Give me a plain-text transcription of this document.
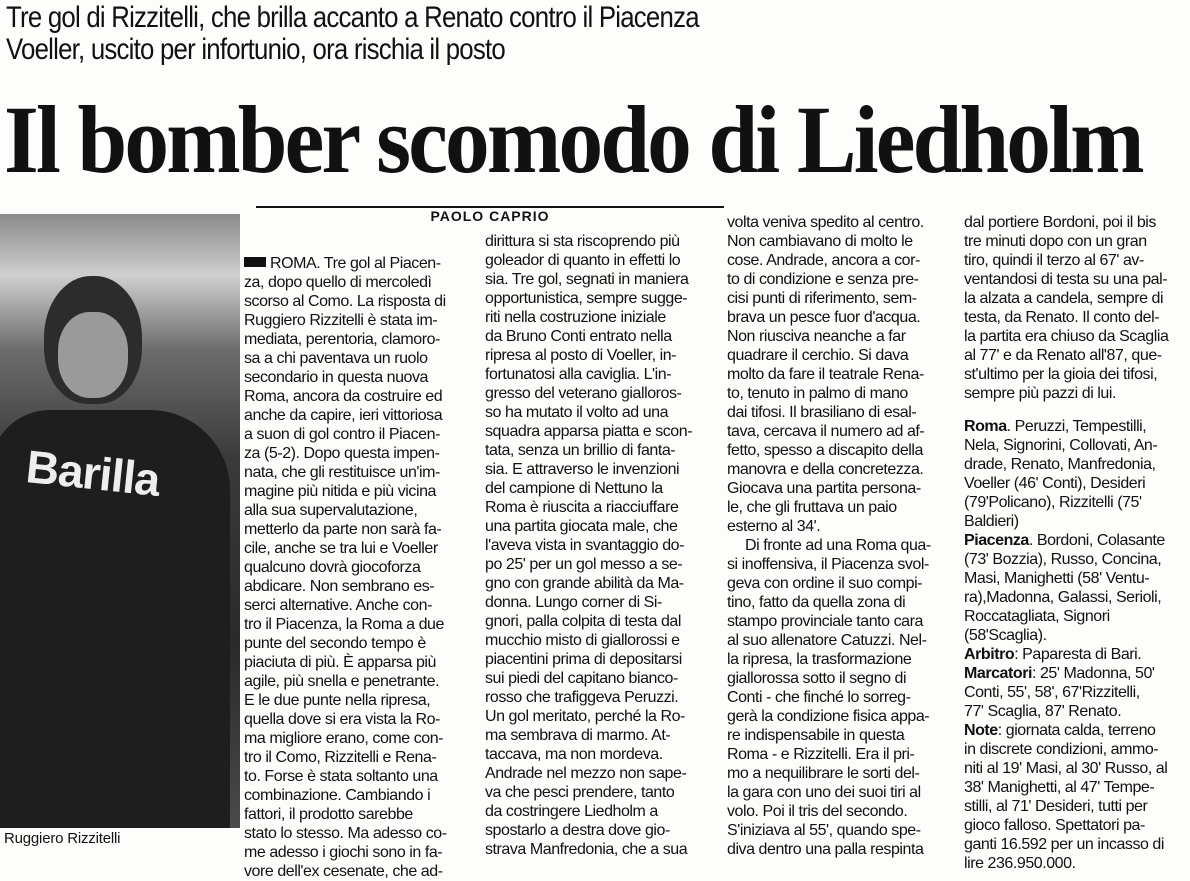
Tre gol di Rizzitelli, che brilla accanto a Renato contro il Piacenza
Voeller, uscito per infortunio, ora rischia il posto
Il bomber scomodo di Liedholm
PAOLO CAPRIO
Barilla
Ruggiero Rizzitelli

ROMA. Tre gol al Piacen-

za, dopo quello di mercoledì

scorso al Como. La risposta di

Ruggiero Rizzitelli è stata im-

mediata, perentoria, clamoro-

sa a chi paventava un ruolo

secondario in questa nuova

Roma, ancora da costruire ed

anche da capire, ieri vittoriosa

a suon di gol contro il Piacen-

za (5-2). Dopo questa impen-

nata, che gli restituisce un'im-

magine più nitida e più vicina

alla sua supervalutazione,

metterlo da parte non sarà fa-

cile, anche se tra lui e Voeller

qualcuno dovrà giocoforza

abdicare. Non sembrano es-

serci alternative. Anche con-

tro il Piacenza, la Roma a due

punte del secondo tempo è

piaciuta di più. È apparsa più

agile, più snella e penetrante.

E le due punte nella ripresa,

quella dove si era vista la Ro-

ma migliore erano, come con-

tro il Como, Rizzitelli e Rena-

to. Forse è stata soltanto una

combinazione. Cambiando i

fattori, il prodotto sarebbe

stato lo stesso. Ma adesso co-

me adesso i giochi sono in fa-

vore dell'ex cesenate, che ad-

dirittura si sta riscoprendo più

goleador di quanto in effetti lo

sia. Tre gol, segnati in maniera

opportunistica, sempre sugge-

riti nella costruzione iniziale

da Bruno Conti entrato nella

ripresa al posto di Voeller, in-

fortunatosi alla caviglia. L'in-

gresso del veterano gialloros-

so ha mutato il volto ad una

squadra apparsa piatta e scon-

tata, senza un brillio di fanta-

sia. E attraverso le invenzioni

del campione di Nettuno la

Roma è riuscita a riacciuffare

una partita giocata male, che

l'aveva vista in svantaggio do-

po 25' per un gol messo a se-

gno con grande abilità da Ma-

donna. Lungo corner di Si-

gnori, palla colpita di testa dal

mucchio misto di giallorossi e

piacentini prima di depositarsi

sui piedi del capitano bianco-

rosso che trafiggeva Peruzzi.

Un gol meritato, perché la Ro-

ma sembrava di marmo. At-

taccava, ma non mordeva.

Andrade nel mezzo non sape-

va che pesci prendere, tanto

da costringere Liedholm a

spostarlo a destra dove gio-

strava Manfredonia, che a sua

volta veniva spedito al centro.

Non cambiavano di molto le

cose. Andrade, ancora a cor-

to di condizione e senza pre-

cisi punti di riferimento, sem-

brava un pesce fuor d'acqua.

Non riusciva neanche a far

quadrare il cerchio. Si dava

molto da fare il teatrale Rena-

to, tenuto in palmo di mano

dai tifosi. Il brasiliano di esal-

tava, cercava il numero ad af-

fetto, spesso a discapito della

manovra e della concretezza.

Giocava una partita persona-

le, che gli fruttava un paio

esterno al 34'.

Di fronte ad una Roma qua-

si inoffensiva, il Piacenza svol-

geva con ordine il suo compi-

tino, fatto da quella zona di

stampo provinciale tanto cara

al suo allenatore Catuzzi. Nel-

la ripresa, la trasformazione

giallorossa sotto il segno di

Conti - che finché lo sorreg-

gerà la condizione fisica appa-

re indispensabile in questa

Roma - e Rizzitelli. Era il pri-

mo a nequilibrare le sorti del-

la gara con uno dei suoi tiri al

volo. Poi il tris del secondo.

S'iniziava al 55', quando spe-

diva dentro una palla respinta

dal portiere Bordoni, poi il bis

tre minuti dopo con un gran

tiro, quindi il terzo al 67' av-

ventandosi di testa su una pal-

la alzata a candela, sempre di

testa, da Renato. Il conto del-

la partita era chiuso da Scaglia

al 77' e da Renato all'87, que-

st'ultimo per la gioia dei tifosi,

sempre più pazzi di lui.

Roma. Peruzzi, Tempestilli,

Nela, Signorini, Collovati, An-

drade, Renato, Manfredonia,

Voeller (46' Conti), Desideri

(79'Policano), Rizzitelli (75'

Baldieri)

Piacenza. Bordoni, Colasante

(73' Bozzia), Russo, Concina,

Masi, Manighetti (58' Ventu-

ra),Madonna, Galassi, Serioli,

Roccatagliata, Signori

(58'Scaglia).

Arbitro: Paparesta di Bari.

Marcatori: 25' Madonna, 50'

Conti, 55', 58', 67'Rizzitelli,

77' Scaglia, 87' Renato.

Note: giornata calda, terreno

in discrete condizioni, ammo-

niti al 19' Masi, al 30' Russo, al

38' Manighetti, al 47' Tempe-

stilli, al 71' Desideri, tutti per

gioco falloso. Spettatori pa-

ganti 16.592 per un incasso di

lire 236.950.000.
